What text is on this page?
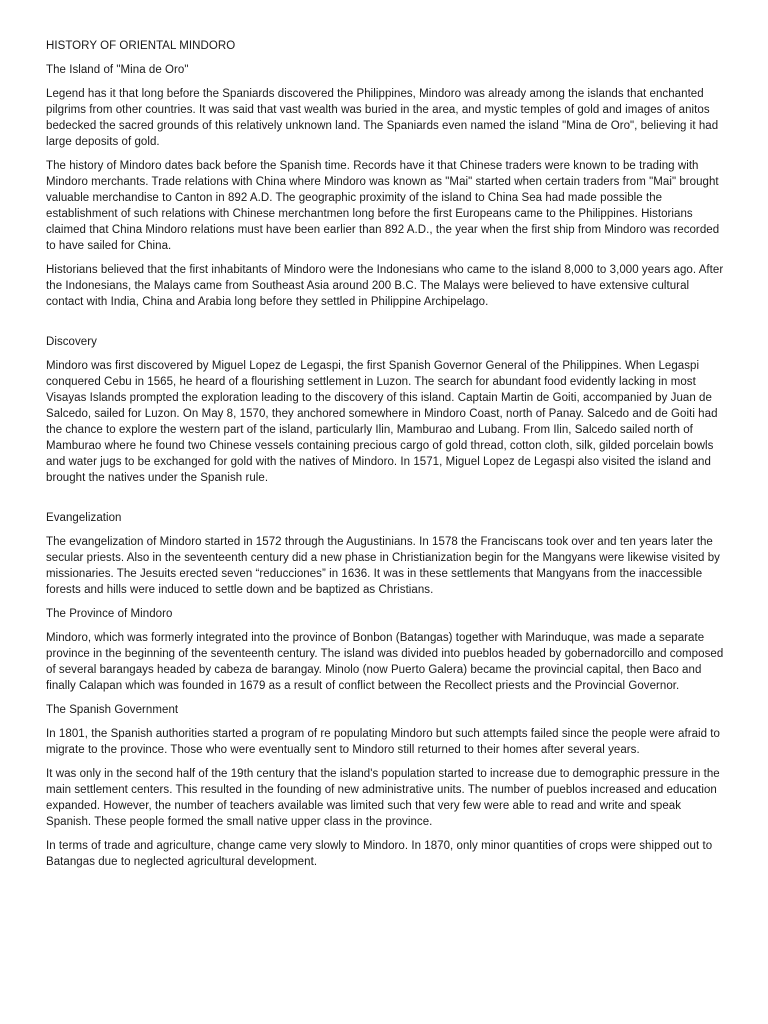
HISTORY OF ORIENTAL MINDORO

The Island of "Mina de Oro"

Legend has it that long before the Spaniards discovered the Philippines, Mindoro was already among the islands that enchanted pilgrims from other countries. It was said that vast wealth was buried in the area, and mystic temples of gold and images of anitos bedecked the sacred grounds of this relatively unknown land. The Spaniards even named the island "Mina de Oro", believing it had large deposits of gold.

The history of Mindoro dates back before the Spanish time. Records have it that Chinese traders were known to be trading with Mindoro merchants. Trade relations with China where Mindoro was known as "Mai" started when certain traders from "Mai" brought valuable merchandise to Canton in 892 A.D. The geographic proximity of the island to China Sea had made possible the establishment of such relations with Chinese merchantmen long before the first Europeans came to the Philippines. Historians claimed that China Mindoro relations must have been earlier than 892 A.D., the year when the first ship from Mindoro was recorded to have sailed for China.

Historians believed that the first inhabitants of Mindoro were the Indonesians who came to the island 8,000 to 3,000 years ago. After the Indonesians, the Malays came from Southeast Asia around 200 B.C. The Malays were believed to have extensive cultural contact with India, China and Arabia long before they settled in Philippine Archipelago.

Discovery

Mindoro was first discovered by Miguel Lopez de Legaspi, the first Spanish Governor General of the Philippines. When Legaspi conquered Cebu in 1565, he heard of a flourishing settlement in Luzon. The search for abundant food evidently lacking in most Visayas Islands prompted the exploration leading to the discovery of this island. Captain Martin de Goiti, accompanied by Juan de Salcedo, sailed for Luzon. On May 8, 1570, they anchored somewhere in Mindoro Coast, north of Panay. Salcedo and de Goiti had the chance to explore the western part of the island, particularly Ilin, Mamburao and Lubang. From Ilin, Salcedo sailed north of Mamburao where he found two Chinese vessels containing precious cargo of gold thread, cotton cloth, silk, gilded porcelain bowls and water jugs to be exchanged for gold with the natives of Mindoro. In 1571, Miguel Lopez de Legaspi also visited the island and brought the natives under the Spanish rule.

Evangelization

The evangelization of Mindoro started in 1572 through the Augustinians. In 1578 the Franciscans took over and ten years later the secular priests. Also in the seventeenth century did a new phase in Christianization begin for the Mangyans were likewise visited by missionaries. The Jesuits erected seven “reducciones” in 1636. It was in these settlements that Mangyans from the inaccessible forests and hills were induced to settle down and be baptized as Christians.

The Province of Mindoro

Mindoro, which was formerly integrated into the province of Bonbon (Batangas) together with Marinduque, was made a separate province in the beginning of the seventeenth century. The island was divided into pueblos headed by gobernadorcillo and composed of several barangays headed by cabeza de barangay. Minolo (now Puerto Galera) became the provincial capital, then Baco and finally Calapan which was founded in 1679 as a result of conflict between the Recollect priests and the Provincial Governor.

The Spanish Government

In 1801, the Spanish authorities started a program of re populating Mindoro but such attempts failed since the people were afraid to migrate to the province. Those who were eventually sent to Mindoro still returned to their homes after several years.

It was only in the second half of the 19th century that the island's population started to increase due to demographic pressure in the main settlement centers. This resulted in the founding of new administrative units. The number of pueblos increased and education expanded. However, the number of teachers available was limited such that very few were able to read and write and speak Spanish. These people formed the small native upper class in the province.

In terms of trade and agriculture, change came very slowly to Mindoro. In 1870, only minor quantities of crops were shipped out to Batangas due to neglected agricultural development.
